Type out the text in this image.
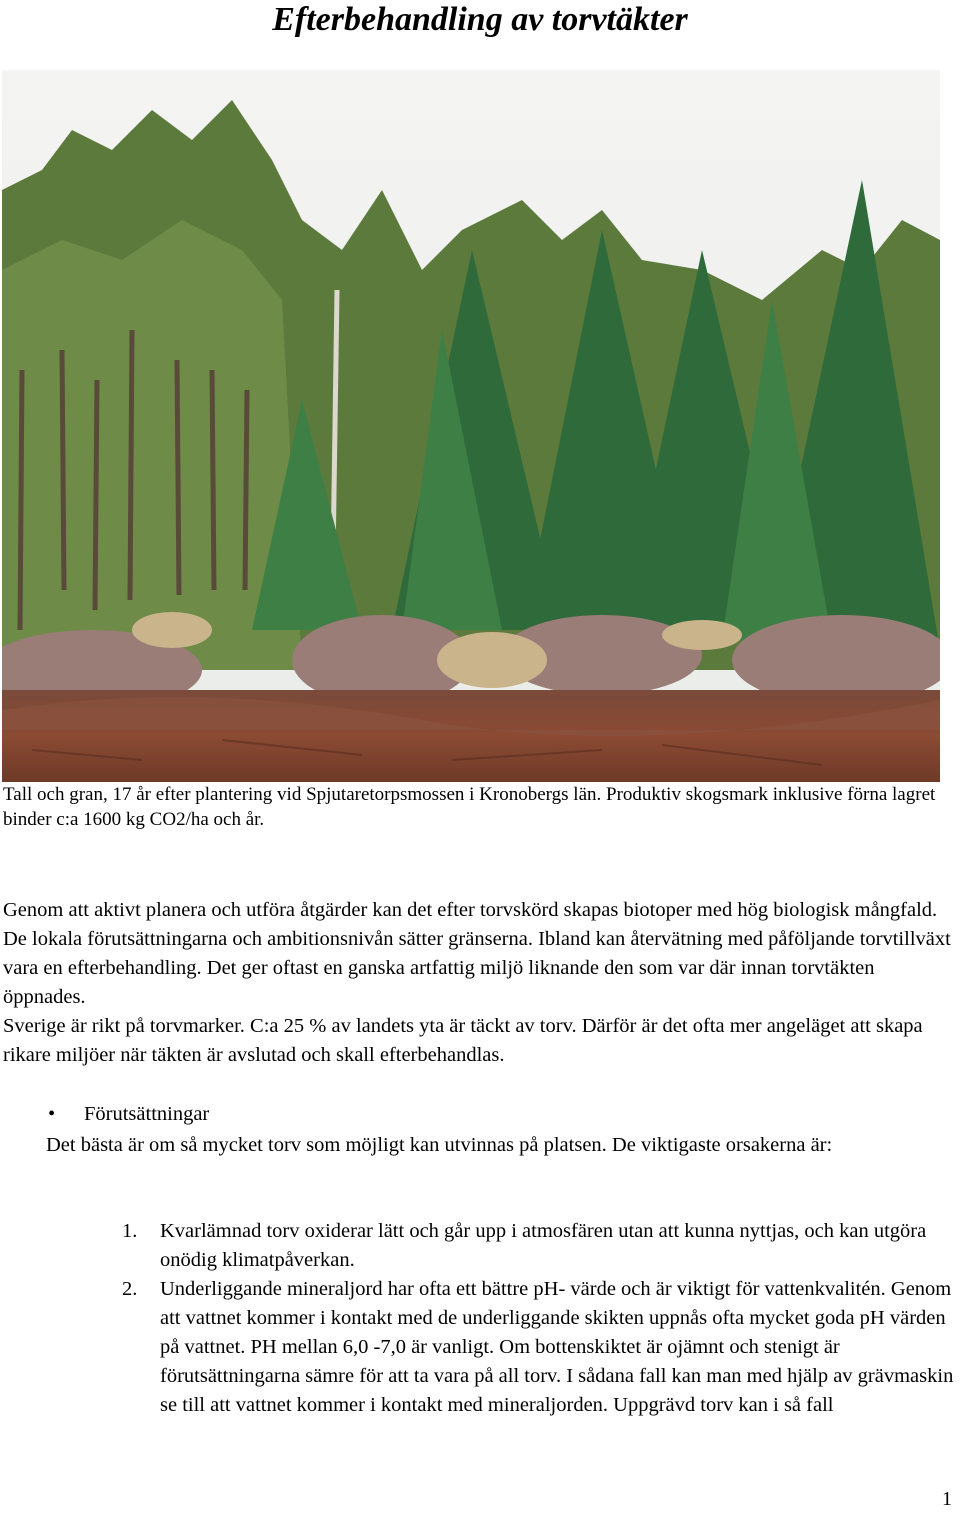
Efterbehandling av torvtäkter

Tall och gran, 17 år efter plantering vid Spjutaretorpsmossen i Kronobergs län. Produktiv skogsmark inklusive förna lagret binder c:a 1600 kg CO2/ha och år.

Genom att aktivt planera och utföra åtgärder kan det efter torvskörd skapas biotoper med hög biologisk mångfald. De lokala förutsättningarna och ambitionsnivån sätter gränserna. Ibland kan återvätning med påföljande torvtillväxt vara en efterbehandling. Det ger oftast en ganska artfattig miljö liknande den som var där innan torvtäkten öppnades.

Sverige är rikt på torvmarker. C:a 25 % av landets yta är täckt av torv. Därför är det ofta mer angeläget att skapa rikare miljöer när täkten är avslutad och skall efterbehandlas.

• Förutsättningar
Det bästa är om så mycket torv som möjligt kan utvinnas på platsen. De viktigaste orsakerna är:
1. Kvarlämnad torv oxiderar lätt och går upp i atmosfären utan att kunna nyttjas, och kan utgöra onödig klimatpåverkan.
2. Underliggande mineraljord har ofta ett bättre pH- värde och är viktigt för vattenkvalitén. Genom att vattnet kommer i kontakt med de underliggande skikten uppnås ofta mycket goda pH värden på vattnet. PH mellan 6,0 -7,0 är vanligt. Om bottenskiktet är ojämnt och stenigt är förutsättningarna sämre för att ta vara på all torv. I sådana fall kan man med hjälp av grävmaskin se till att vattnet kommer i kontakt med mineraljorden. Uppgrävd torv kan i så fall
1
